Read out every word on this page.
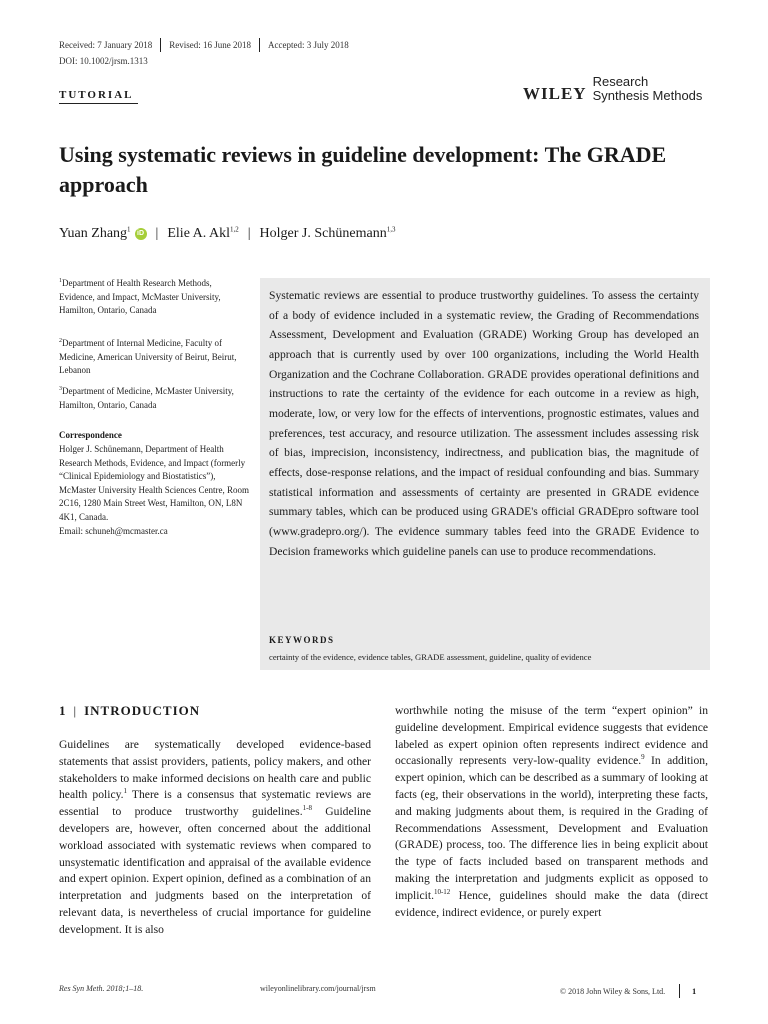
Received: 7 January 2018 Revised: 16 June 2018 Accepted: 3 July 2018
DOI: 10.1002/jrsm.1313
TUTORIAL	WILEY
Research
Synthesis Methods
Using systematic reviews in guideline development: The GRADE approach
Yuan Zhang$^1$
iD | Elie A. Akl$^{1,2}$ | Holger J. Schünemann$^{1,3}$
$^1$Department of Health Research Methods, Evidence, and Impact, McMaster University, Hamilton, Ontario, Canada
$^2$Department of Internal Medicine, Faculty of Medicine, American University of Beirut, Beirut, Lebanon
$^3$Department of Medicine, McMaster University, Hamilton, Ontario, Canada
Correspondence
Holger J. Schünemann, Department of Health Research Methods, Evidence, and Impact (formerly “Clinical Epidemiology and Biostatistics”), McMaster University Health Sciences Centre, Room 2C16, 1280 Main Street West, Hamilton, ON, L8N 4K1, Canada.
Email: schuneh@mcmaster.ca
Systematic reviews are essential to produce trustworthy guidelines. To assess the certainty of a body of evidence included in a systematic review, the Grading of Recommendations Assessment, Development and Evaluation (GRADE) Working Group has developed an approach that is currently used by over 100 organizations, including the World Health Organization and the Cochrane Collaboration. GRADE provides operational definitions and instructions to rate the certainty of the evidence for each outcome in a review as high, moderate, low, or very low for the effects of interventions, prognostic estimates, values and preferences, test accuracy, and resource utilization. The assessment includes assessing risk of bias, imprecision, inconsistency, indirectness, and publication bias, the magnitude of effects, dose-response relations, and the impact of residual confounding and bias. Summary statistical information and assessments of certainty are presented in GRADE evidence summary tables, which can be produced using GRADE's official GRADEpro software tool (www.gradepro.org/). The evidence summary tables feed into the GRADE Evidence to Decision frameworks which guideline panels can use to produce recommendations.
KEYWORDS
certainty of the evidence, evidence tables, GRADE assessment, guideline, quality of evidence
1 | INTRODUCTION
Guidelines are systematically developed evidence-based statements that assist providers, patients, policy makers, and other stakeholders to make informed decisions on health care and public health policy.$^1$ There is a consensus that systematic reviews are essential to produce trustworthy guidelines.$^{1-8}$ Guideline developers are, however, often concerned about the additional workload associated with systematic reviews when compared to unsystematic identification and appraisal of the available evidence and expert opinion. Expert opinion, defined as a combination of an interpretation and judgments based on the interpretation of relevant data, is nevertheless of crucial importance for guideline development. It is also
worthwhile noting the misuse of the term “expert opinion” in guideline development. Empirical evidence suggests that evidence labeled as expert opinion often represents indirect evidence and occasionally represents very-low-quality evidence.$^9$ In addition, expert opinion, which can be described as a summary of looking at facts (eg, their observations in the world), interpreting these facts, and making judgments about them, is required in the Grading of Recommendations Assessment, Development and Evaluation (GRADE) process, too. The difference lies in being explicit about the type of facts included based on transparent methods and making the interpretation and judgments explicit as opposed to implicit.$^{10-12}$ Hence, guidelines should make the data (direct evidence, indirect evidence, or purely expert
Res Syn Meth. 2018;1–18.	wileyonlinelibrary.com/journal/jrsm	© 2018 John Wiley & Sons, Ltd.	1
